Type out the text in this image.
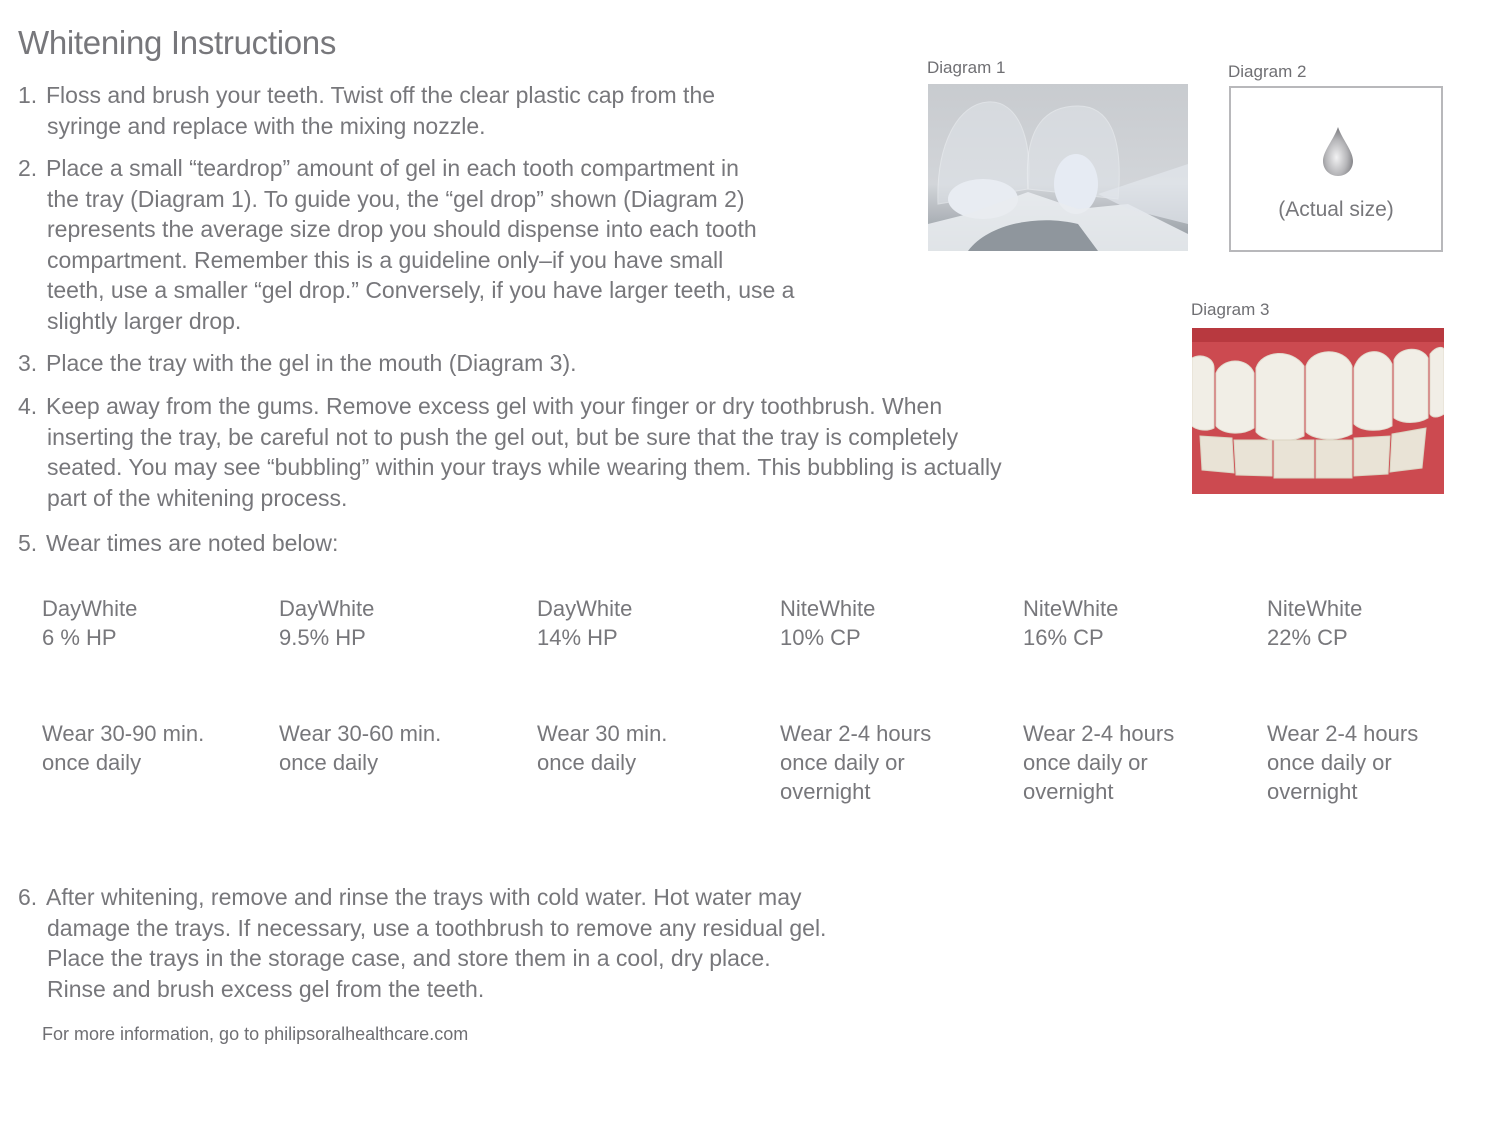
Whitening Instructions
1. Floss and brush your teeth. Twist off the clear plastic cap from the
syringe and replace with the mixing nozzle.
2. Place a small “teardrop” amount of gel in each tooth compartment in
the tray (Diagram 1). To guide you, the “gel drop” shown (Diagram 2)
represents the average size drop you should dispense into each tooth
compartment. Remember this is a guideline only–if you have small
teeth, use a smaller “gel drop.” Conversely, if you have larger teeth, use a
slightly larger drop.
3. Place the tray with the gel in the mouth (Diagram 3).
4. Keep away from the gums. Remove excess gel with your finger or dry toothbrush. When
inserting the tray, be careful not to push the gel out, but be sure that the tray is completely
seated. You may see “bubbling” within your trays while wearing them. This bubbling is actually
part of the whitening process.
5. Wear times are noted below:
Diagram 1	Diagram 2
(Actual size)
Diagram 3
DayWhite
6 % HP
Wear 30-90 min.
once daily
DayWhite
9.5% HP
Wear 30-60 min.
once daily
DayWhite
14% HP
Wear 30 min.
once daily
NiteWhite
10% CP
Wear 2-4 hours
once daily or
overnight
NiteWhite
16% CP
Wear 2-4 hours
once daily or
overnight
NiteWhite
22% CP
Wear 2-4 hours
once daily or
overnight
6. After whitening, remove and rinse the trays with cold water. Hot water may
damage the trays. If necessary, use a toothbrush to remove any residual gel.
Place the trays in the storage case, and store them in a cool, dry place.
Rinse and brush excess gel from the teeth.
For more information, go to philipsoralhealthcare.com
